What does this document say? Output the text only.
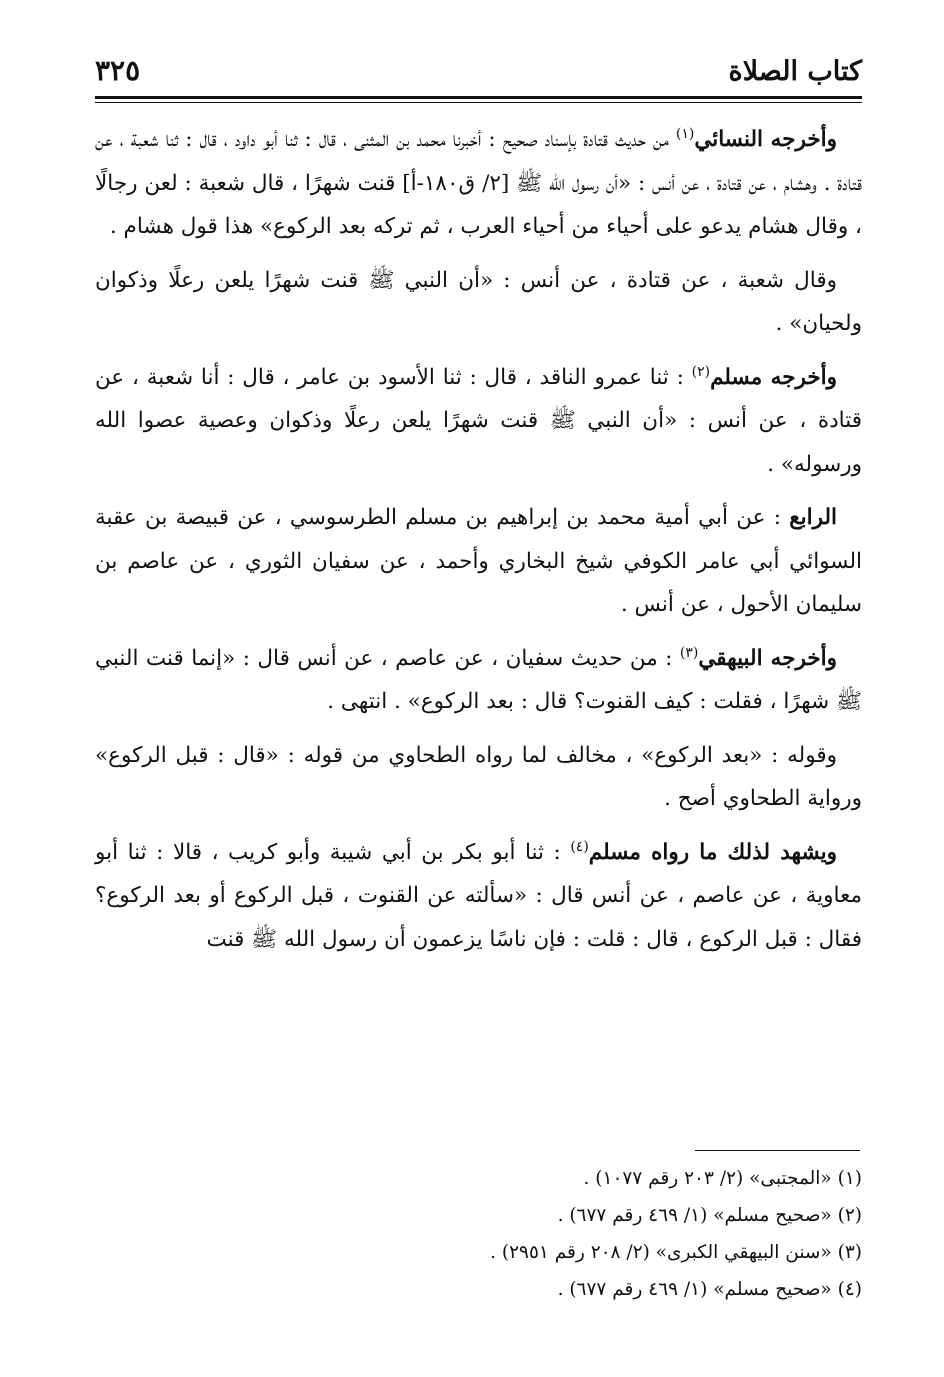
كتاب الصلاة
٣٢٥

وأخرجه النسائي$^{(١)}$ من حديث قتادة بإسناد صحيح : أخبرنا محمد بن المثنى ، قال : ثنا أبو داود ، قال : ثنا شعبة ، عن قتادة . وهشام ، عن قتادة ، عن أنس : «أن رسول الله ﷺ [٢/ ق١٨٠-أ] قنت شهرًا ، قال شعبة : لعن رجالًا ، وقال هشام يدعو على أحياء من أحياء العرب ، ثم تركه بعد الركوع» هذا قول هشام .

وقال شعبة ، عن قتادة ، عن أنس : «أن النبي ﷺ قنت شهرًا يلعن رعلًا وذكوان ولحيان» .

وأخرجه مسلم$^{(٢)}$ : ثنا عمرو الناقد ، قال : ثنا الأسود بن عامر ، قال : أنا شعبة ، عن قتادة ، عن أنس : «أن النبي ﷺ قنت شهرًا يلعن رعلًا وذكوان وعصية عصوا الله ورسوله» .

الرابع : عن أبي أمية محمد بن إبراهيم بن مسلم الطرسوسي ، عن قبيصة بن عقبة السوائي أبي عامر الكوفي شيخ البخاري وأحمد ، عن سفيان الثوري ، عن عاصم بن سليمان الأحول ، عن أنس .

وأخرجه البيهقي$^{(٣)}$ : من حديث سفيان ، عن عاصم ، عن أنس قال : «إنما قنت النبي ﷺ شهرًا ، فقلت : كيف القنوت؟ قال : بعد الركوع» . انتهى .

وقوله : «بعد الركوع» ، مخالف لما رواه الطحاوي من قوله : «قال : قبل الركوع» ورواية الطحاوي أصح .

ويشهد لذلك ما رواه مسلم$^{(٤)}$ : ثنا أبو بكر بن أبي شيبة وأبو كريب ، قالا : ثنا أبو معاوية ، عن عاصم ، عن أنس قال : «سألته عن القنوت ، قبل الركوع أو بعد الركوع؟ فقال : قبل الركوع ، قال : قلت : فإن ناسًا يزعمون أن رسول الله ﷺ قنت

(١) «المجتبى» (٢/ ٢٠٣ رقم ١٠٧٧) .
(٢) «صحيح مسلم» (١/ ٤٦٩ رقم ٦٧٧) .
(٣) «سنن البيهقي الكبرى» (٢/ ٢٠٨ رقم ٢٩٥١) .
(٤) «صحيح مسلم» (١/ ٤٦٩ رقم ٦٧٧) .
